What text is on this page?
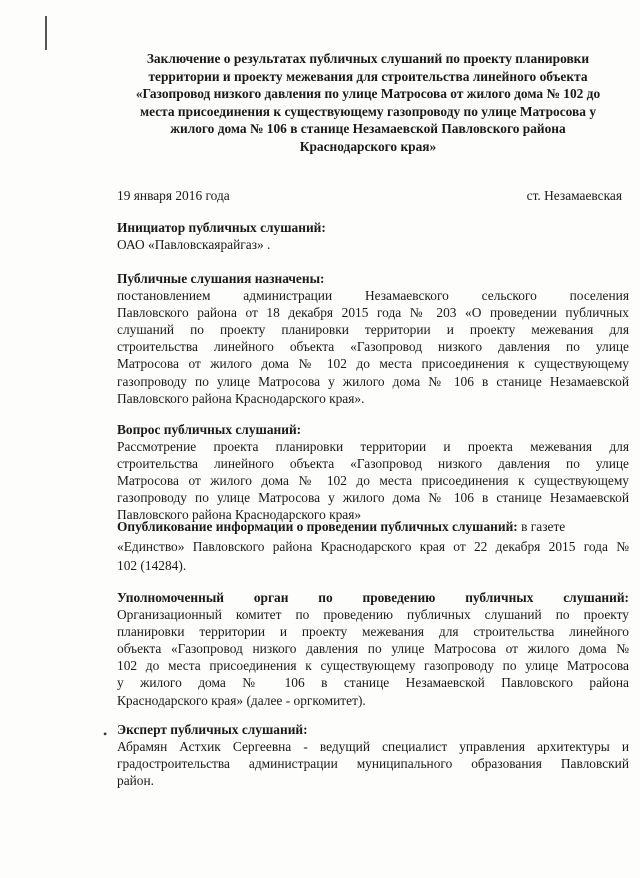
Заключение о результатах публичных слушаний по проекту планировки
территории и проекту межевания для строительства линейного объекта
«Газопровод низкого давления по улице Матросова от жилого дома № 102 до
места присоединения к существующему газопроводу по улице Матросова у
жилого дома № 106 в станице Незамаевской Павловского района
Краснодарского края»
19 января 2016 года	ст. Незамаевская
Инициатор публичных слушаний:
ОАО «Павловскаярайгаз» .
Публичные слушания назначены:
постановлением администрации Незамаевского сельского поселения
Павловского района от 18 декабря 2015 года № 203 «О проведении публичных
слушаний по проекту планировки территории и проекту межевания для
строительства линейного объекта «Газопровод низкого давления по улице
Матросова от жилого дома № 102 до места присоединения к существующему
газопроводу по улице Матросова у жилого дома № 106 в станице Незамаевской
Павловского района Краснодарского края».
Вопрос публичных слушаний:
Рассмотрение проекта планировки территории и проекта межевания для
строительства линейного объекта «Газопровод низкого давления по улице
Матросова от жилого дома № 102 до места присоединения к существующему
газопроводу по улице Матросова у жилого дома № 106 в станице Незамаевской
Павловского района Краснодарского края»
Опубликование информации о проведении публичных слушаний: в газете
«Единство» Павловского района Краснодарского края от 22 декабря 2015 года №
102 (14284).
Уполномоченный орган по проведению публичных слушаний:
Организационный комитет по проведению публичных слушаний по проекту
планировки территории и проекту межевания для строительства линейного
объекта «Газопровод низкого давления по улице Матросова от жилого дома №
102 до места присоединения к существующему газопроводу по улице Матросова
у жилого дома № 106 в станице Незамаевской Павловского района
Краснодарского края» (далее - оргкомитет).
• Эксперт публичных слушаний:
Абрамян Астхик Сергеевна - ведущий специалист управления архитектуры и
градостроительства администрации муниципального образования Павловский
район.
